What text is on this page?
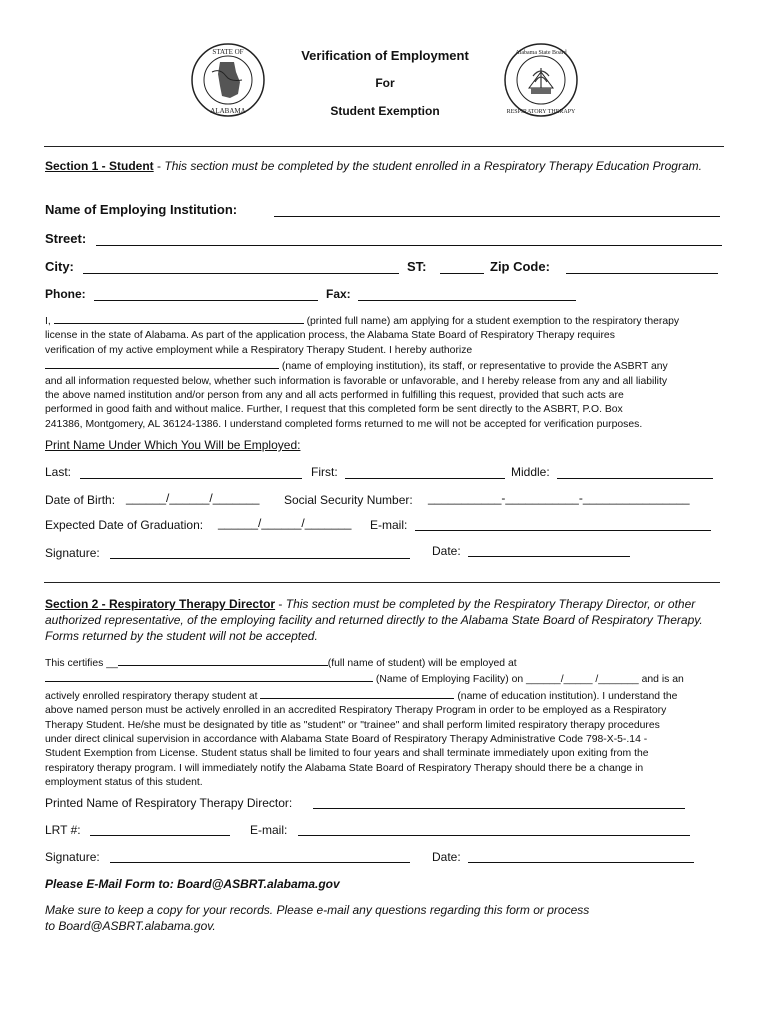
STATE OF
ALABAMA
Verification of Employment
For
Student Exemption
Alabama State Board
RESPIRATORY THERAPY
Section 1 - Student - This section must be completed by the student enrolled in a Respiratory Therapy Education Program.
Name of Employing Institution:
Street:
City:	ST:	Zip Code:
Phone:	Fax:
I,	(printed full name) am applying for a student exemption to the respiratory therapy
license in the state of Alabama. As part of the application process, the Alabama State Board of Respiratory Therapy requires
verification of my active employment while a Respiratory Therapy Student. I hereby authorize
(name of employing institution), its staff, or representative to provide the ASBRT any
and all information requested below, whether such information is favorable or unfavorable, and I hereby release from any and all liability
the above named institution and/or person from any and all acts performed in fulfilling this request, provided that such acts are
performed in good faith and without malice. Further, I request that this completed form be sent directly to the ASBRT, P.O. Box
241386, Montgomery, AL 36124-1386. I understand completed forms returned to me will not be accepted for verification purposes.
Print Name Under Which You Will be Employed:
Last:	First:	Middle:
Date of Birth: ______/______/_______ Social Security Number: ___________-___________-________________
Expected Date of Graduation: ______/______/_______ E-mail:
Signature:	Date:
Section 2 - Respiratory Therapy Director - This section must be completed by the Respiratory Therapy Director, or other authorized representative, of the employing facility and returned directly to the Alabama State Board of Respiratory Therapy. Forms returned by the student will not be accepted.
This certifies __	(full name of student) will be employed at
(Name of Employing Facility) on ______/_____ /_______ and is an
actively enrolled respiratory therapy student at	(name of education institution). I understand the
above named person must be actively enrolled in an accredited Respiratory Therapy Program in order to be employed as a Respiratory
Therapy Student. He/she must be designated by title as "student" or "trainee" and shall perform limited respiratory therapy procedures
under direct clinical supervision in accordance with Alabama State Board of Respiratory Therapy Administrative Code 798-X-5-.14 -
Student Exemption from License. Student status shall be limited to four years and shall terminate immediately upon exiting from the
respiratory therapy program. I will immediately notify the Alabama State Board of Respiratory Therapy should there be a change in
employment status of this student.
Printed Name of Respiratory Therapy Director:
LRT #:	E-mail:
Signature:	Date:
Please E-Mail Form to: Board@ASBRT.alabama.gov
Make sure to keep a copy for your records. Please e-mail any questions regarding this form or process
to Board@ASBRT.alabama.gov.
